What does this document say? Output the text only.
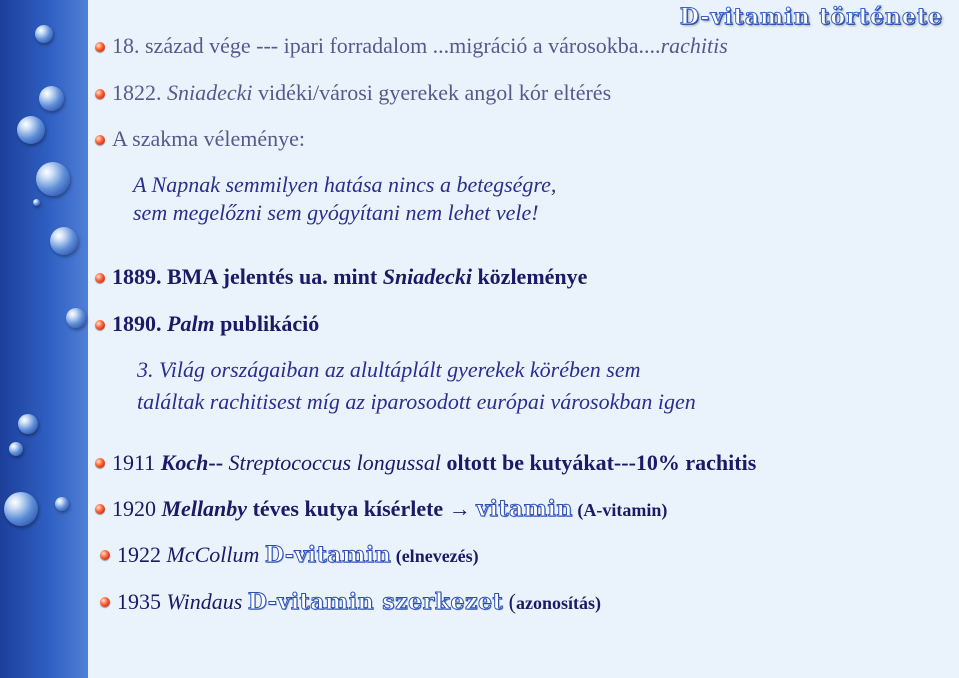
D-vitamin története
18. század vége --- ipari forradalom ...migráció a városokba....rachitis
1822. Sniadecki vidéki/városi gyerekek angol kór eltérés
A szakma véleménye:
A Napnak semmilyen hatása nincs a betegségre,
sem megelőzni sem gyógyítani nem lehet vele!
1889. BMA jelentés ua. mint Sniadecki közleménye
1890. Palm publikáció
3. Világ országaiban az alultáplált gyerekek körében sem
találtak rachitisest míg az iparosodott európai városokban igen
1911 Koch-- Streptococcus longussal oltott be kutyákat---10% rachitis
1920 Mellanby téves kutya kísérlete → vitamin (A-vitamin)
1922 McCollum D-vitamin (elnevezés)
1935 Windaus D-vitamin szerkezet (azonosítás)
